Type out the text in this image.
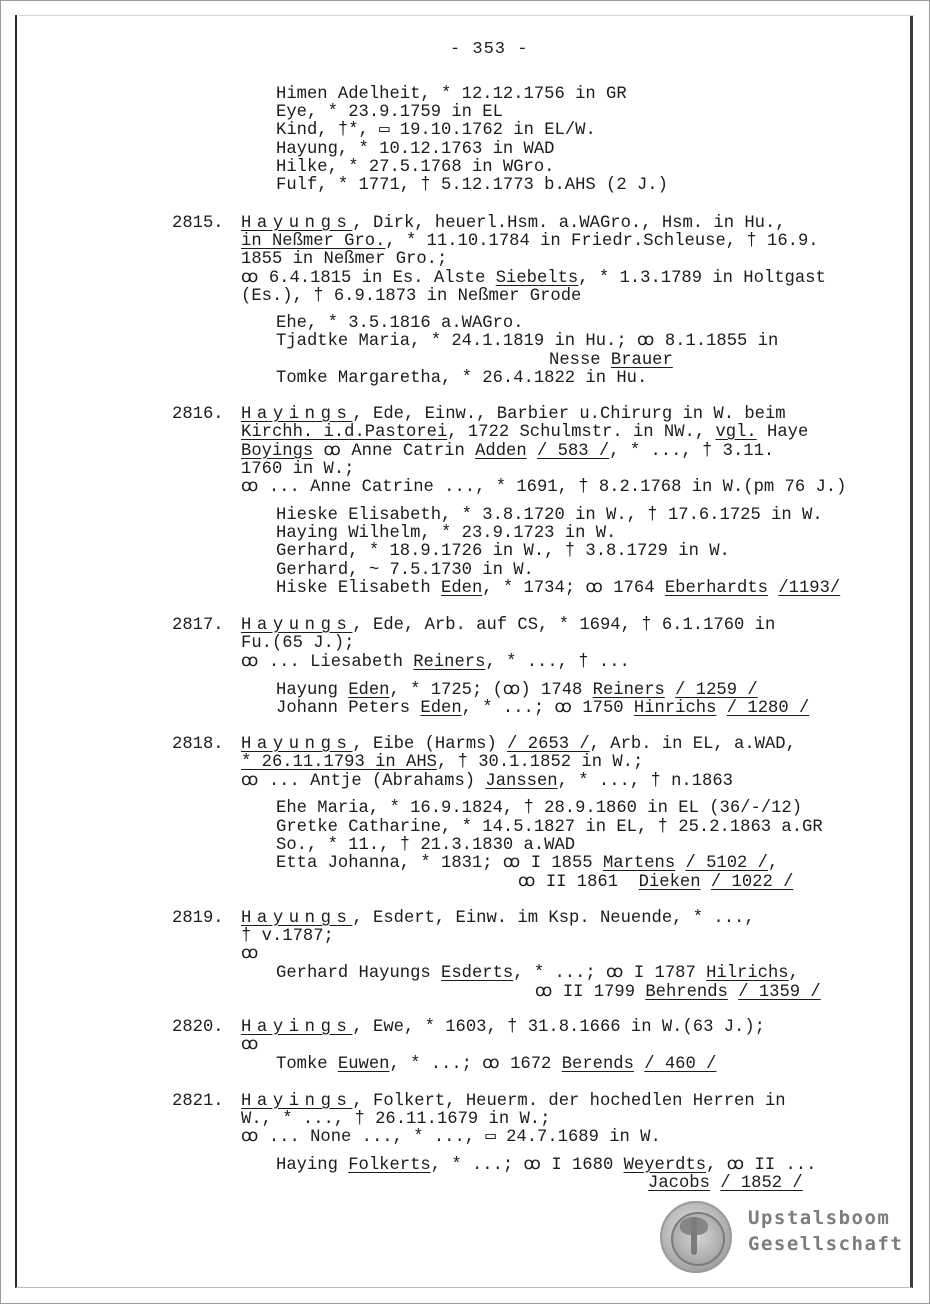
- 353 -
Himen Adelheit, * 12.12.1756 in GR
Eye, * 23.9.1759 in EL
Kind, †*, ▭ 19.10.1762 in EL/W.
Hayung, * 10.12.1763 in WAD
Hilke, * 27.5.1768 in WGro.
Fulf, * 1771, † 5.12.1773 b.AHS (2 J.)
2815. Hayungs, Dirk, heuerl.Hsm. a.WAGro., Hsm. in Hu.,
in Neßmer Gro., * 11.10.1784 in Friedr.Schleuse, † 16.9.
1855 in Neßmer Gro.;
ꝏ 6.4.1815 in Es. Alste Siebelts, * 1.3.1789 in Holtgast
(Es.), † 6.9.1873 in Neßmer Grode
Ehe, * 3.5.1816 a.WAGro.
Tjadtke Maria, * 24.1.1819 in Hu.; ꝏ 8.1.1855 in
Nesse Brauer
Tomke Margaretha, * 26.4.1822 in Hu.
2816. Hayings, Ede, Einw., Barbier u.Chirurg in W. beim
Kirchh. i.d.Pastorei, 1722 Schulmstr. in NW., vgl. Haye
Boyings ꝏ Anne Catrin Adden / 583 /, * ..., † 3.11.
1760 in W.;
ꝏ ... Anne Catrine ..., * 1691, † 8.2.1768 in W.(pm 76 J.)
Hieske Elisabeth, * 3.8.1720 in W., † 17.6.1725 in W.
Haying Wilhelm, * 23.9.1723 in W.
Gerhard, * 18.9.1726 in W., † 3.8.1729 in W.
Gerhard, ~ 7.5.1730 in W.
Hiske Elisabeth Eden, * 1734; ꝏ 1764 Eberhardts /1193/
2817. Hayungs, Ede, Arb. auf CS, * 1694, † 6.1.1760 in
Fu.(65 J.);
ꝏ ... Liesabeth Reiners, * ..., † ...
Hayung Eden, * 1725; (ꝏ) 1748 Reiners / 1259 /
Johann Peters Eden, * ...; ꝏ 1750 Hinrichs / 1280 /
2818. Hayungs, Eibe (Harms) / 2653 /, Arb. in EL, a.WAD,
* 26.11.1793 in AHS, † 30.1.1852 in W.;
ꝏ ... Antje (Abrahams) Janssen, * ..., † n.1863
Ehe Maria, * 16.9.1824, † 28.9.1860 in EL (36/-/12)
Gretke Catharine, * 14.5.1827 in EL, † 25.2.1863 a.GR
So., * 11., † 21.3.1830 a.WAD
Etta Johanna, * 1831; ꝏ I 1855 Martens / 5102 /,
ꝏ II 1861  Dieken / 1022 /
2819. Hayungs, Esdert, Einw. im Ksp. Neuende, * ...,
† v.1787;
ꝏ
Gerhard Hayungs Esderts, * ...; ꝏ I 1787 Hilrichs,
ꝏ II 1799 Behrends / 1359 /
2820. Hayings, Ewe, * 1603, † 31.8.1666 in W.(63 J.);
ꝏ
Tomke Euwen, * ...; ꝏ 1672 Berends / 460 /
2821. Hayings, Folkert, Heuerm. der hochedlen Herren in
W., * ..., † 26.11.1679 in W.;
ꝏ ... None ..., * ..., ▭ 24.7.1689 in W.
Haying Folkerts, * ...; ꝏ I 1680 Weyerdts, ꝏ II ...
Jacobs / 1852 /
Upstalsboom
Gesellschaft
